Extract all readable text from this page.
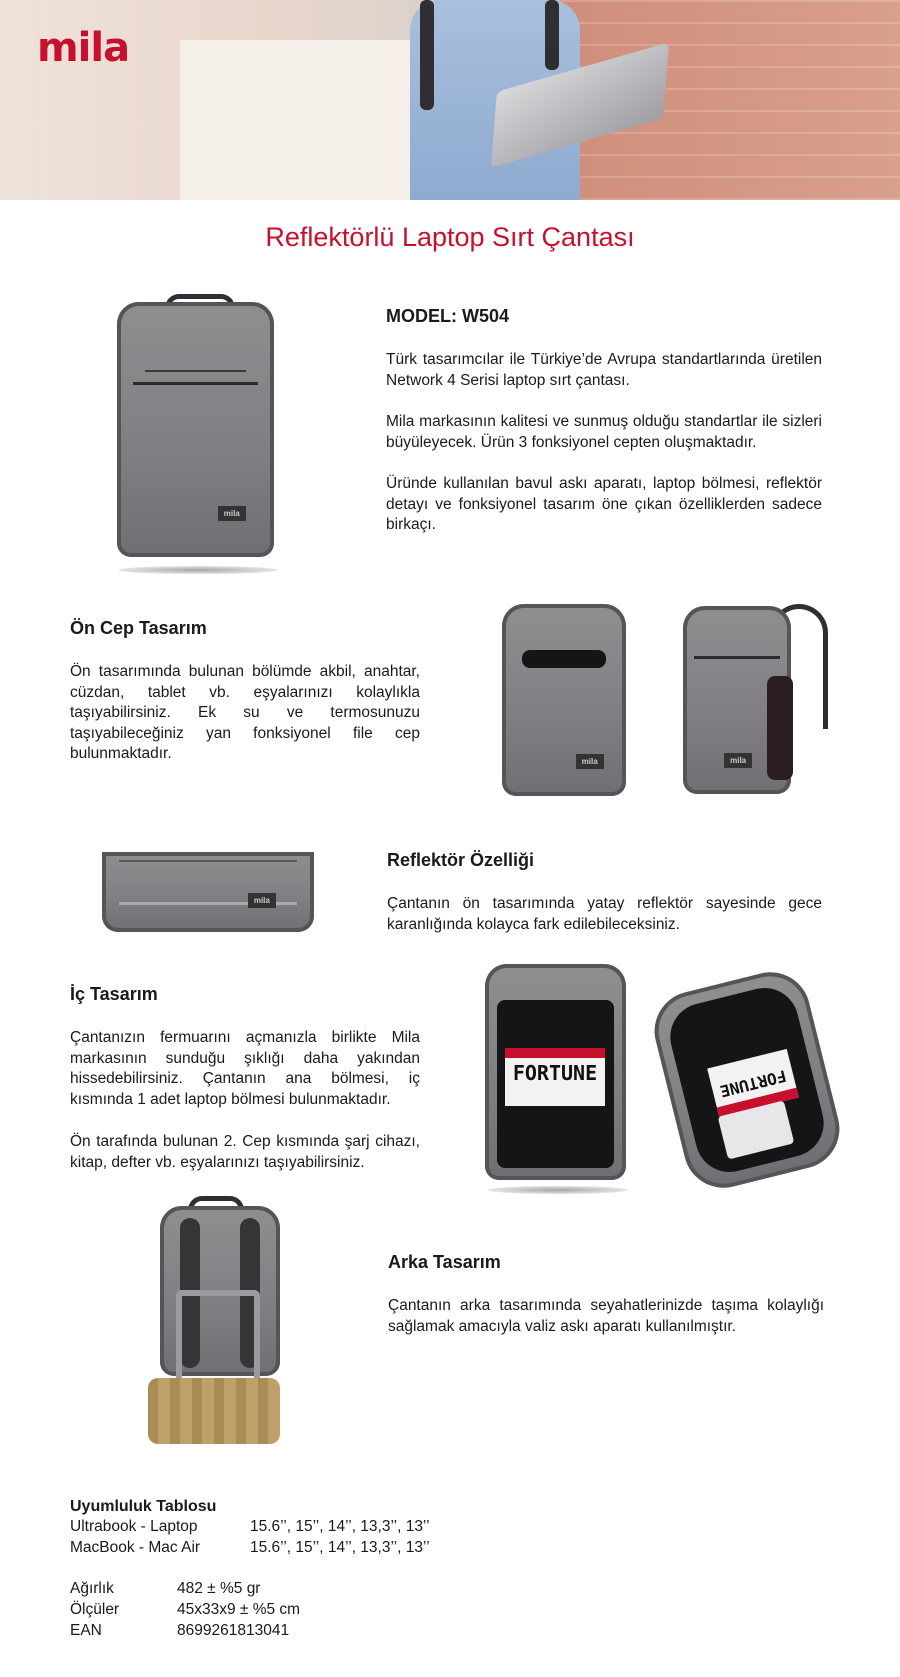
mila
Reflektörlü Laptop Sırt Çantası
mila
MODEL: W504
Türk tasarımcılar ile Türkiye’de Avrupa standartlarında üretilen Network 4 Serisi laptop sırt çantası.
Mila markasının kalitesi ve sunmuş olduğu standartlar ile sizleri büyüleyecek. Ürün 3 fonksiyonel cepten oluşmaktadır.
Üründe kullanılan bavul askı aparatı, laptop bölmesi, reflektör detayı ve fonksiyonel tasarım öne çıkan özelliklerden sadece birkaçı.
Ön Cep Tasarım
Ön tasarımında bulunan bölümde akbil, anahtar, cüzdan, tablet vb. eşyalarınızı kolaylıkla taşıyabilirsiniz. Ek su ve termosunuzu taşıyabileceğiniz yan fonksiyonel file cep bulunmaktadır.	mila	mila
mila
Reflektör Özelliği
Çantanın ön tasarımında yatay reflektör sayesinde gece karanlığında kolayca fark edilebileceksiniz.
İç Tasarım
Çantanızın fermuarını açmanızla birlikte Mila markasının sunduğu şıklığı daha yakından hissedebilirsiniz. Çantanın ana bölmesi, iç kısmında 1 adet laptop bölmesi bulunmaktadır.
Ön tarafında bulunan 2. Cep kısmında şarj cihazı, kitap, defter vb. eşyalarınızı taşıyabilirsiniz.
NETFLIX’İN BÜYÜK MÜCADELESİ
FORTUNE	FORTUNE
Arka Tasarım
Çantanın arka tasarımında seyahatlerinizde taşıma kolaylığı sağlamak amacıyla valiz askı aparatı kullanılmıştır.
Uyumluluk Tablosu
Ultrabook - Laptop	15.6’’, 15’’, 14’’, 13,3’’, 13’’
MacBook - Mac Air	15.6’’, 15’’, 14’’, 13,3’’, 13’’
Ağırlık	482 ± %5 gr
Ölçüler	45x33x9 ± %5 cm
EAN	8699261813041
